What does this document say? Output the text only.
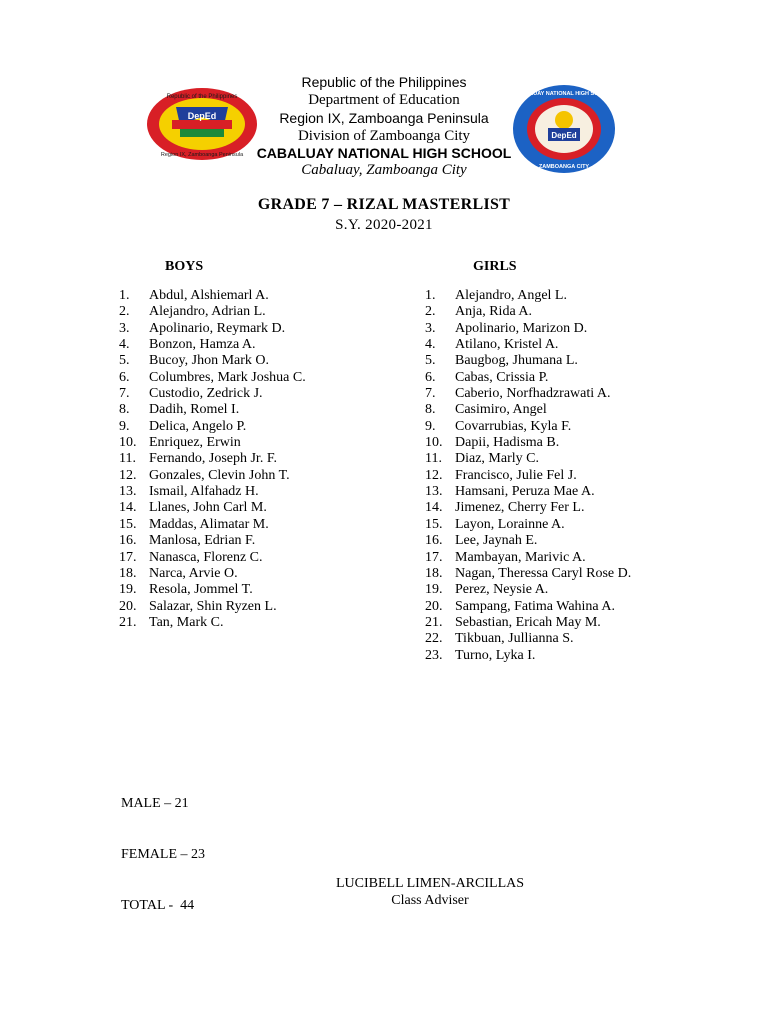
DepEd
Republic of the Philippines
Region IX, Zamboanga Peninsula
DepEd
CABALUAY NATIONAL HIGH SCHOOL
ZAMBOANGA CITY
Republic of the Philippines
Department of Education
Region IX, Zamboanga Peninsula
Division of Zamboanga City
CABALUAY NATIONAL HIGH SCHOOL
Cabaluay, Zamboanga City
GRADE 7 – RIZAL MASTERLIST
S.Y. 2020-2021
BOYS	GIRLS
1. Abdul, Alshiemarl A.
2. Alejandro, Adrian L.
3. Apolinario, Reymark D.
4. Bonzon, Hamza A.
5. Bucoy, Jhon Mark O.
6. Columbres, Mark Joshua C.
7. Custodio, Zedrick J.
8. Dadih, Romel I.
9. Delica, Angelo P.
10. Enriquez, Erwin
11. Fernando, Joseph Jr. F.
12. Gonzales, Clevin John T.
13. Ismail, Alfahadz H.
14. Llanes, John Carl M.
15. Maddas, Alimatar M.
16. Manlosa, Edrian F.
17. Nanasca, Florenz C.
18. Narca, Arvie O.
19. Resola, Jommel T.
20. Salazar, Shin Ryzen L.
21. Tan, Mark C.
1. Alejandro, Angel L.
2. Anja, Rida A.
3. Apolinario, Marizon D.
4. Atilano, Kristel A.
5. Baugbog, Jhumana L.
6. Cabas, Crissia P.
7. Caberio, Norfhadzrawati A.
8. Casimiro, Angel
9. Covarrubias, Kyla F.
10. Dapii, Hadisma B.
11. Diaz, Marly C.
12. Francisco, Julie Fel J.
13. Hamsani, Peruza Mae A.
14. Jimenez, Cherry Fer L.
15. Layon, Lorainne A.
16. Lee, Jaynah E.
17. Mambayan, Marivic A.
18. Nagan, Theressa Caryl Rose D.
19. Perez, Neysie A.
20. Sampang, Fatima Wahina A.
21. Sebastian, Ericah May M.
22. Tikbuan, Jullianna S.
23. Turno, Lyka I.

MALE – 21

FEMALE – 23

TOTAL -  44

LUCIBELL LIMEN-ARCILLAS
Class Adviser
